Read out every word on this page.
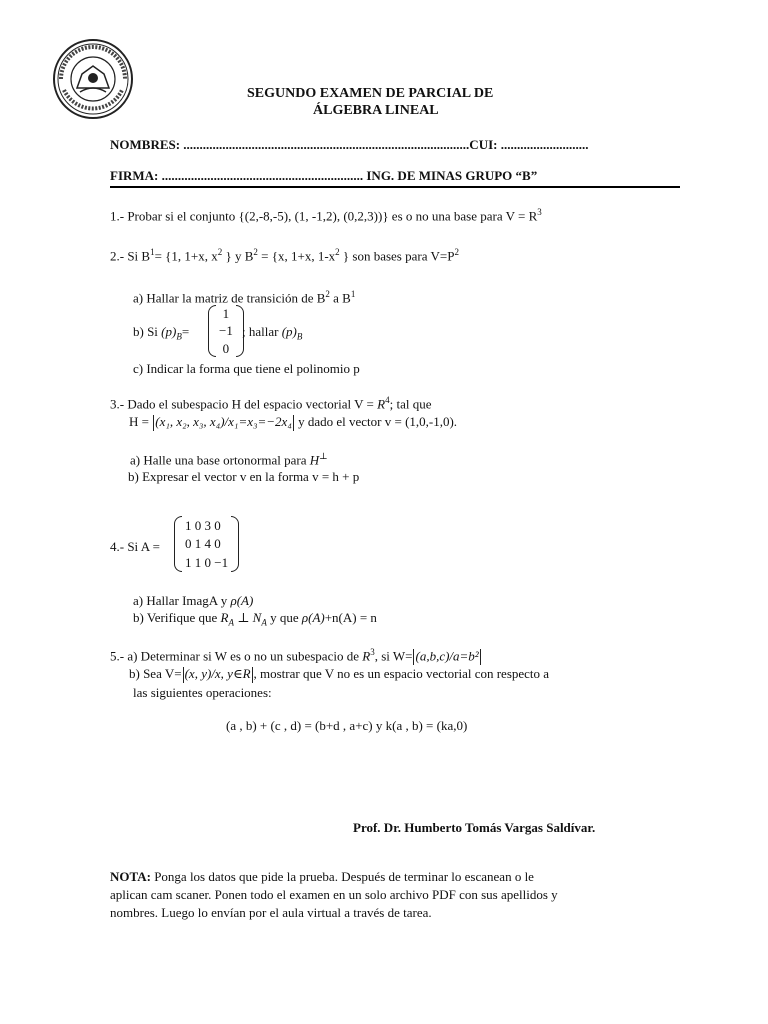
SEGUNDO EXAMEN DE PARCIAL DE
ÁLGEBRA LINEAL
NOMBRES: ........................................................................................CUI: ...........................
FIRMA: .............................................................. ING. DE MINAS GRUPO “B”
1.- Probar si el conjunto {(2,-8,-5), (1, -1,2), (0,2,3))} es o no una base para $V = R^3$
2.- Si $B^1= \{1$, 1+x, $x^2$ } y $B^2 = \{x$, 1+x, $1-x^2$ } son bases para $V=P^2$
a) Hallar la matriz de transición de $B^2$ a $B^1$
b) Si $(p)_B=$
1
−1
0
; hallar $(p)_B$
c) Indicar la forma que tiene el polinomio p
3.- Dado el subespacio H del espacio vectorial $V = R^4$; tal que
H = (x₁, x₂, x₃, x₄)/x₁=x₃=−2x₄ y dado el vector v = (1,0,-1,0).
a) Halle una base ortonormal para H⊥
b) Expresar el vector v en la forma v = h + p
4.- Si A =
1 0 3 0
0 1 4 0
1 1 0 −1
a) Hallar ImagA y ρ(A)
b) Verifique que $R_A$ ⊥ $N_A$ y que ρ(A)+n(A) = n
5.- a) Determinar si W es o no un subespacio de $R^3$, si W= (a,b,c)/a=b²
b) Sea V= (x, y)/x, y∈R , mostrar que V no es un espacio vectorial con respecto a
las siguientes operaciones:
(a , b) + (c , d) = (b+d , a+c) y k(a , b) = (ka,0)
Prof. Dr. Humberto Tomás Vargas Saldívar.
NOTA: Ponga los datos que pide la prueba. Después de terminar lo escanean o le
aplican cam scaner. Ponen todo el examen en un solo archivo PDF con sus apellidos y
nombres. Luego lo envían por el aula virtual a través de tarea.
